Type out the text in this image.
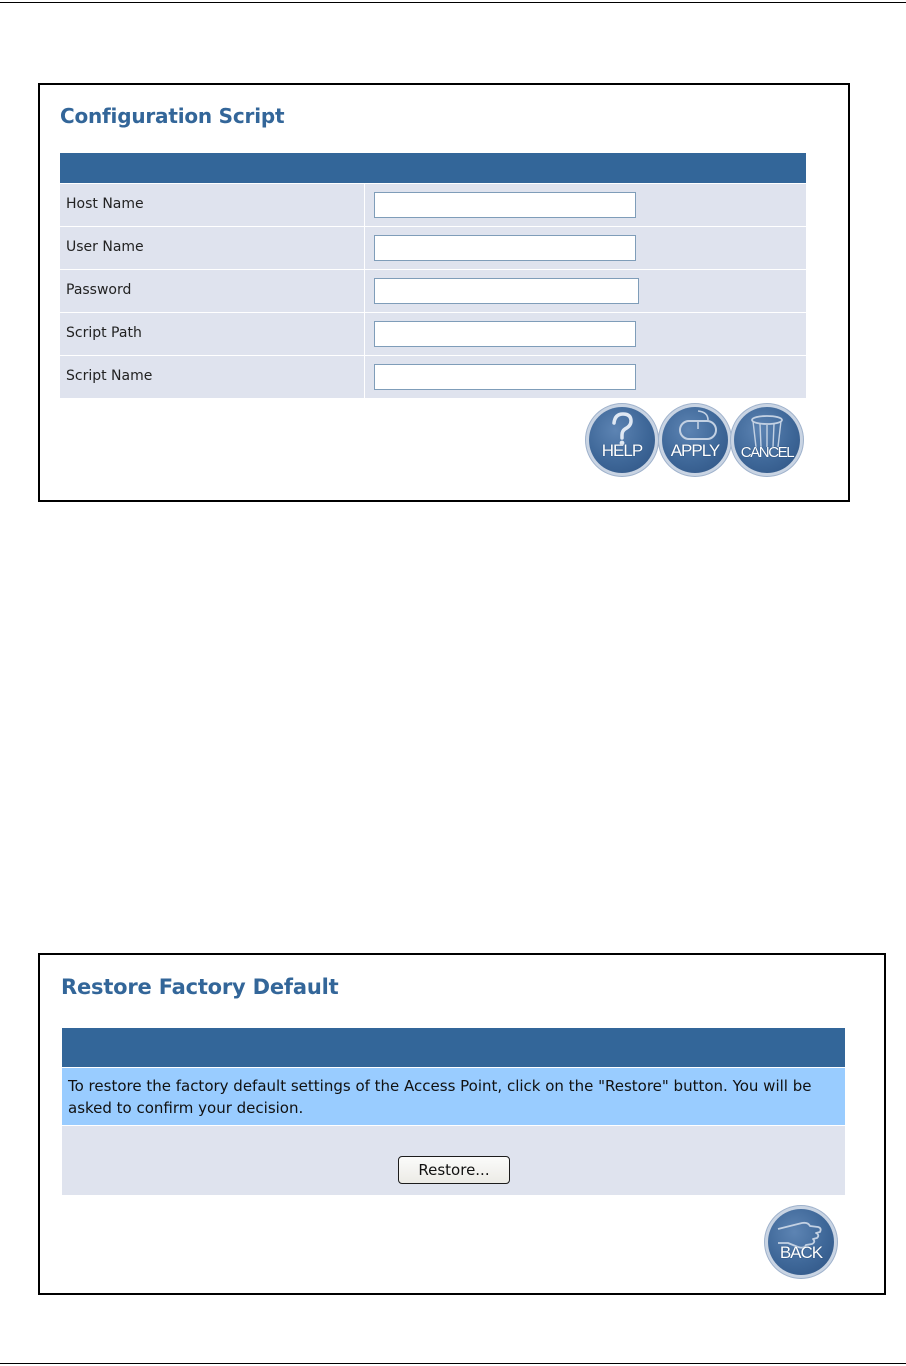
Configuration Script
Host Name
User Name
Password
Script Path
Script Name
HELP	APPLY	CANCEL
Restore Factory Default
To restore the factory default settings of the Access Point, click on the "Restore" button. You will be asked to confirm your decision.
Restore...
BACK
